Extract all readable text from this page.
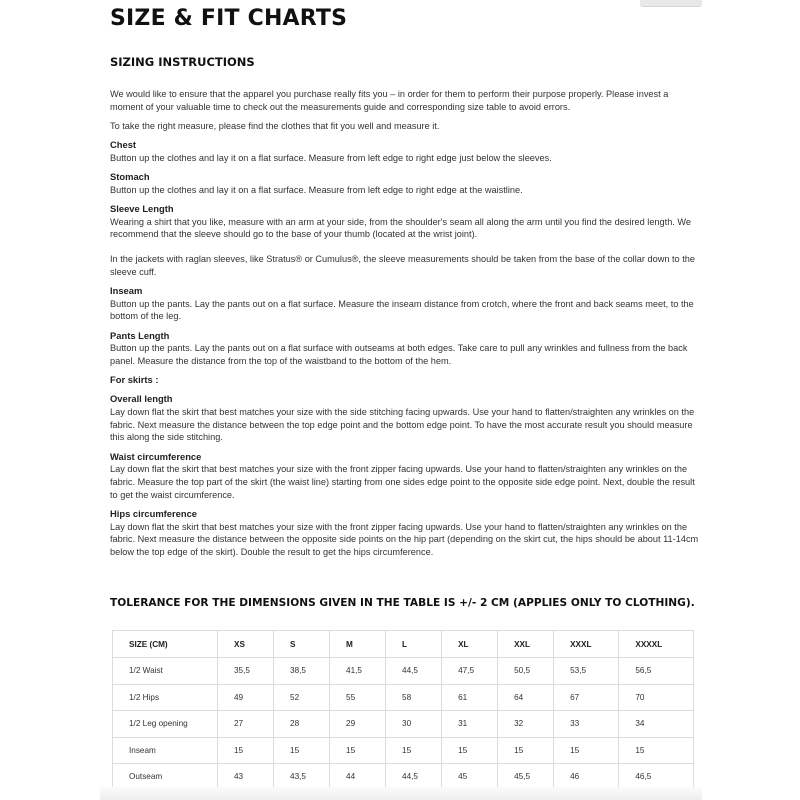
SIZE & FIT CHARTS
SIZING INSTRUCTIONS

We would like to ensure that the apparel you purchase really fits you – in order for them to perform their purpose properly. Please invest a moment of your valuable time to check out the measurements guide and corresponding size table to avoid errors.

To take the right measure, please find the clothes that fit you well and measure it.

Chest

Button up the clothes and lay it on a flat surface. Measure from left edge to right edge just below the sleeves.

Stomach

Button up the clothes and lay it on a flat surface. Measure from left edge to right edge at the waistline.

Sleeve Length

Wearing a shirt that you like, measure with an arm at your side, from the shoulder's seam all along the arm until you find the desired length. We recommend that the sleeve should go to the base of your thumb (located at the wrist joint).

In the jackets with raglan sleeves, like Stratus® or Cumulus®, the sleeve measurements should be taken from the base of the collar down to the sleeve cuff.

Inseam

Button up the pants. Lay the pants out on a flat surface. Measure the inseam distance from crotch, where the front and back seams meet, to the bottom of the leg.

Pants Length

Button up the pants. Lay the pants out on a flat surface with outseams at both edges. Take care to pull any wrinkles and fullness from the back panel. Measure the distance from the top of the waistband to the bottom of the hem.

For skirts :

Overall length

Lay down flat the skirt that best matches your size with the side stitching facing upwards. Use your hand to flatten/straighten any wrinkles on the fabric. Next measure the distance between the top edge point and the bottom edge point. To have the most accurate result you should measure this along the side stitching.

Waist circumference

Lay down flat the skirt that best matches your size with the front zipper facing upwards. Use your hand to flatten/straighten any wrinkles on the fabric. Measure the top part of the skirt (the waist line) starting from one sides edge point to the opposite side edge point. Next, double the result to get the waist circumference.

Hips circumference

Lay down flat the skirt that best matches your size with the front zipper facing upwards. Use your hand to flatten/straighten any wrinkles on the fabric. Next measure the distance between the opposite side points on the hip part (depending on the skirt cut, the hips should be about 11-14cm below the top edge of the skirt). Double the result to get the hips circumference.

TOLERANCE FOR THE DIMENSIONS GIVEN IN THE TABLE IS +/- 2 CM (APPLIES ONLY TO CLOTHING).
SIZE (CM)	XS	S	M	L	XL	XXL	XXXL	XXXXL
1/2 Waist	35,5	38,5	41,5	44,5	47,5	50,5	53,5	56,5
1/2 Hips	49	52	55	58	61	64	67	70
1/2 Leg opening	27	28	29	30	31	32	33	34
Inseam	15	15	15	15	15	15	15	15
Outseam	43	43,5	44	44,5	45	45,5	46	46,5
